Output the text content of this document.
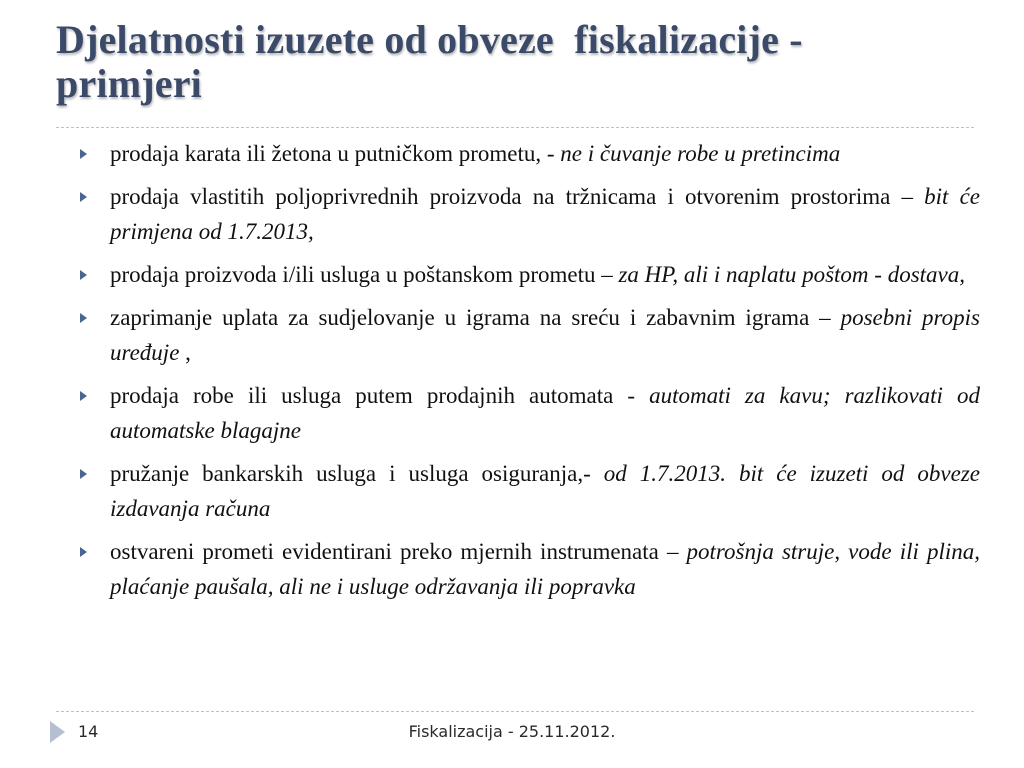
Djelatnosti izuzete od obveze  fiskalizacije - primjeri
prodaja karata ili žetona u putničkom prometu, - ne i čuvanje robe u pretincima
prodaja vlastitih poljoprivrednih proizvoda na tržnicama i otvorenim prostorima – bit će primjena od 1.7.2013,
prodaja proizvoda i/ili usluga u poštanskom prometu – za HP, ali i naplatu poštom - dostava,
zaprimanje uplata za sudjelovanje u igrama na sreću i zabavnim igrama – posebni propis uređuje ,
prodaja robe ili usluga putem prodajnih automata - automati za kavu; razlikovati od automatske blagajne
pružanje bankarskih usluga i usluga osiguranja,- od 1.7.2013. bit će izuzeti od obveze izdavanja računa
ostvareni prometi evidentirani preko mjernih instrumenata – potrošnja struje, vode ili plina, plaćanje paušala, ali ne i usluge održavanja ili popravka
14	Fiskalizacija - 25.11.2012.
